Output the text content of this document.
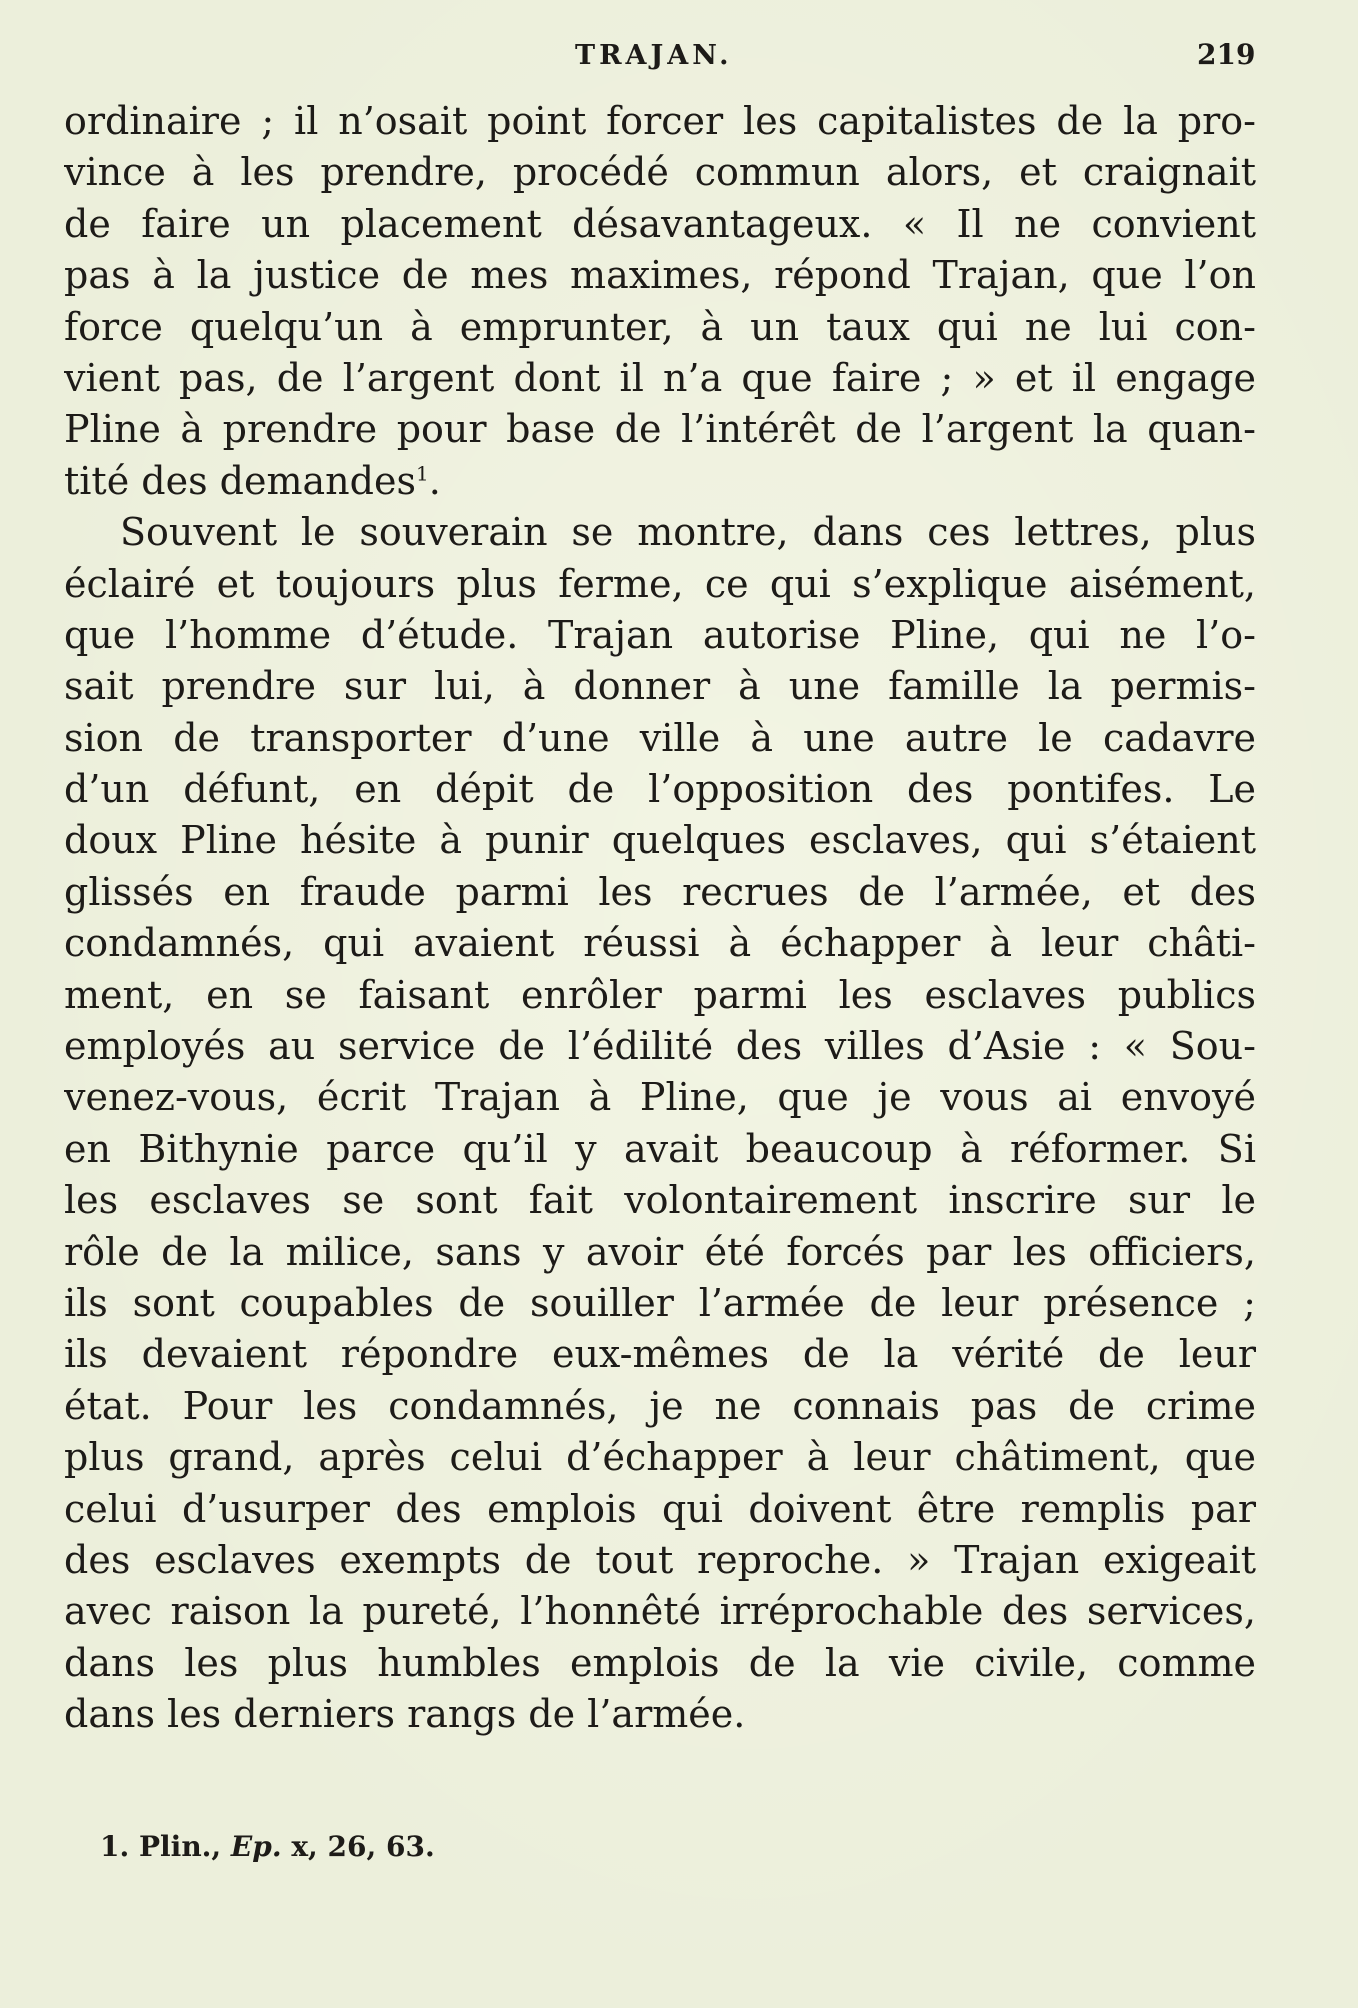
TRAJAN.	219
ordinaire ; il n’osait point forcer les capitalistes de la pro-
vince à les prendre, procédé commun alors, et craignait
de faire un placement désavantageux. « Il ne convient
pas à la justice de mes maximes, répond Trajan, que l’on
force quelqu’un à emprunter, à un taux qui ne lui con-
vient pas, de l’argent dont il n’a que faire ; » et il engage
Pline à prendre pour base de l’intérêt de l’argent la quan-
tité des demandes$^1$.
Souvent le souverain se montre, dans ces lettres, plus
éclairé et toujours plus ferme, ce qui s’explique aisément,
que l’homme d’étude. Trajan autorise Pline, qui ne l’o-
sait prendre sur lui, à donner à une famille la permis-
sion de transporter d’une ville à une autre le cadavre
d’un défunt, en dépit de l’opposition des pontifes. Le
doux Pline hésite à punir quelques esclaves, qui s’étaient
glissés en fraude parmi les recrues de l’armée, et des
condamnés, qui avaient réussi à échapper à leur châti-
ment, en se faisant enrôler parmi les esclaves publics
employés au service de l’édilité des villes d’Asie : « Sou-
venez-vous, écrit Trajan à Pline, que je vous ai envoyé
en Bithynie parce qu’il y avait beaucoup à réformer. Si
les esclaves se sont fait volontairement inscrire sur le
rôle de la milice, sans y avoir été forcés par les officiers,
ils sont coupables de souiller l’armée de leur présence ;
ils devaient répondre eux-mêmes de la vérité de leur
état. Pour les condamnés, je ne connais pas de crime
plus grand, après celui d’échapper à leur châtiment, que
celui d’usurper des emplois qui doivent être remplis par
des esclaves exempts de tout reproche. » Trajan exigeait
avec raison la pureté, l’honnêté irréprochable des services,
dans les plus humbles emplois de la vie civile, comme
dans les derniers rangs de l’armée.
1. Plin., Ep. x, 26, 63.
